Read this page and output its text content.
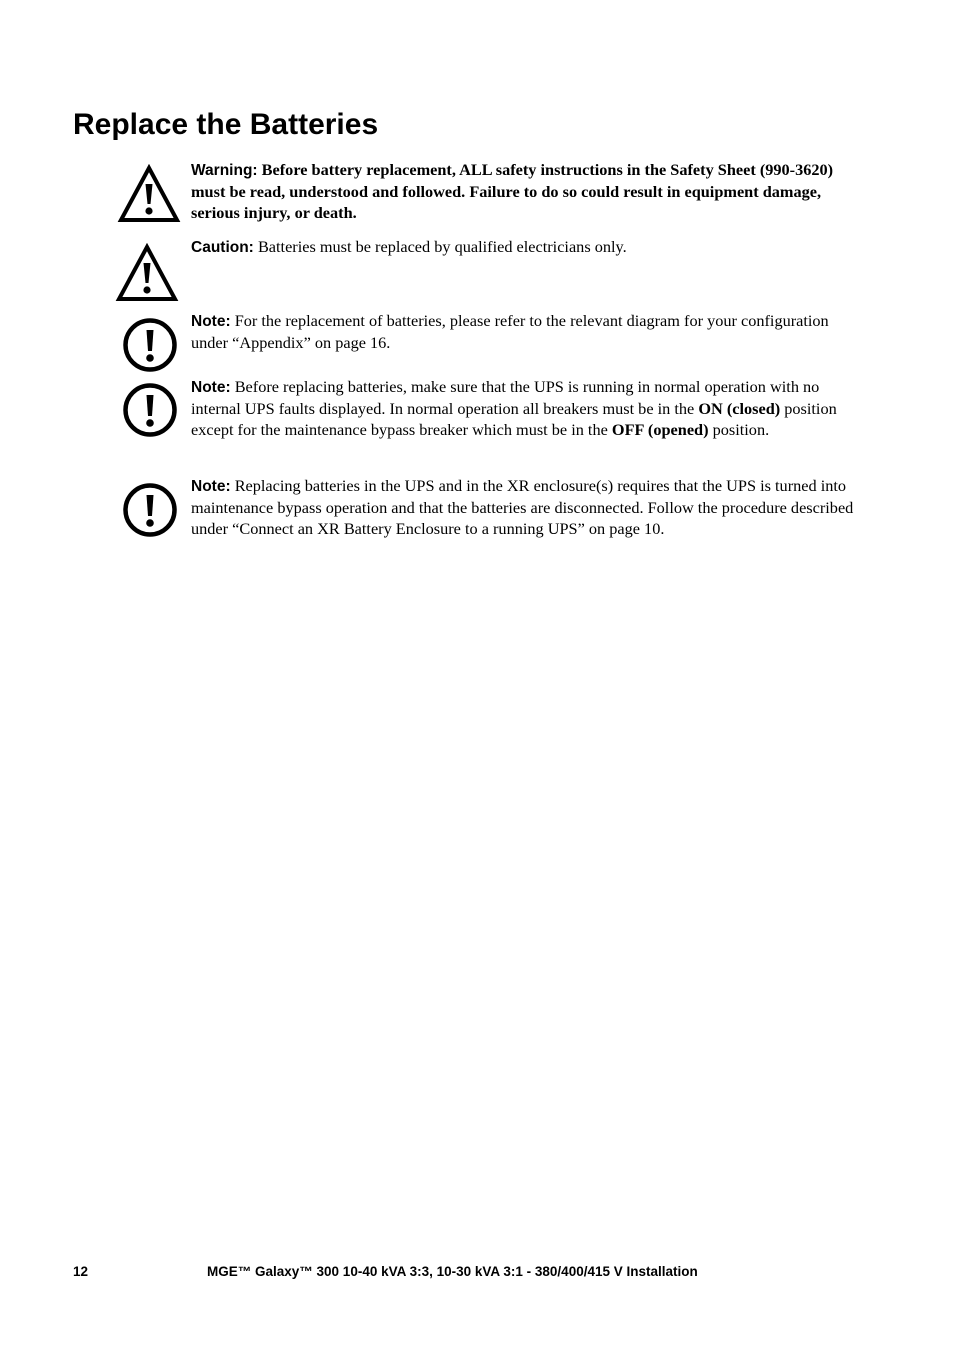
Replace the Batteries

Warning: Before battery replacement, ALL safety instructions in the Safety Sheet (990-3620) must be read, understood and followed. Failure to do so could result in equipment damage, serious injury, or death.

Caution: Batteries must be replaced by qualified electricians only.

Note: For the replacement of batteries, please refer to the relevant diagram for your configuration under “Appendix” on page 16.

Note: Before replacing batteries, make sure that the UPS is running in normal operation with no internal UPS faults displayed. In normal operation all breakers must be in the ON (closed) position except for the maintenance bypass breaker which must be in the OFF (opened) position.

Note: Replacing batteries in the UPS and in the XR enclosure(s) requires that the UPS is turned into maintenance bypass operation and that the batteries are disconnected. Follow the procedure described under “Connect an XR Battery Enclosure to a running UPS” on page 10.

12	MGE™ Galaxy™ 300 10-40 kVA 3:3, 10-30 kVA 3:1 - 380/400/415 V Installation
